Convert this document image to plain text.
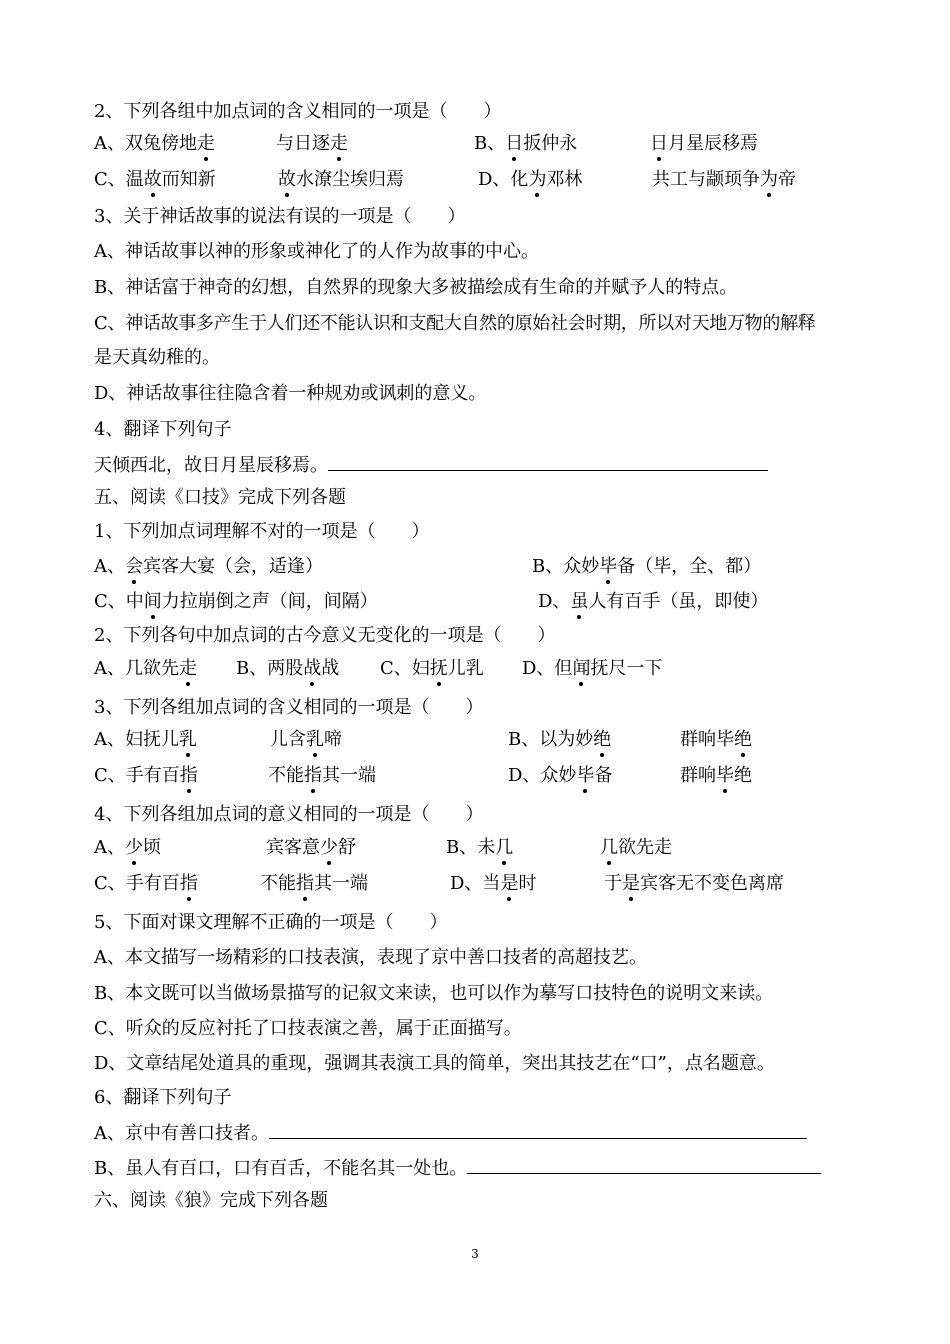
2、下列各组中加点词的含义相同的一项是（　　）
A、双兔傍地走	与日逐走	B、日扳仲永	日月星辰移焉
C、温故而知新	故水潦尘埃归焉	D、化为邓林	共工与颛顼争为帝
3、关于神话故事的说法有误的一项是（　　）
A、神话故事以神的形象或神化了的人作为故事的中心。
B、神话富于神奇的幻想，自然界的现象大多被描绘成有生命的并赋予人的特点。
C、神话故事多产生于人们还不能认识和支配大自然的原始社会时期，所以对天地万物的解释
是天真幼稚的。
D、神话故事往往隐含着一种规劝或讽刺的意义。
4、翻译下列句子
天倾西北，故日月星辰移焉。
五、阅读《口技》完成下列各题
1、下列加点词理解不对的一项是（　　）
A、会宾客大宴（会，适逢）	B、众妙毕备（毕，全、都）
C、中间力拉崩倒之声（间，间隔）	D、虽人有百手（虽，即使）
2、下列各句中加点词的古今意义无变化的一项是（　　）
A、几欲先走 B、两股战战 C、妇抚儿乳 D、但闻抚尺一下
3、下列各组加点词的含义相同的一项是（　　）
A、妇抚儿乳	儿含乳啼	B、以为妙绝	群响毕绝
C、手有百指	不能指其一端	D、众妙毕备	群响毕绝
4、下列各组加点词的意义相同的一项是（　　）
A、少顷	宾客意少舒	B、未几	几欲先走
C、手有百指	不能指其一端	D、当是时	于是宾客无不变色离席
5、下面对课文理解不正确的一项是（　　）
A、本文描写一场精彩的口技表演，表现了京中善口技者的高超技艺。
B、本文既可以当做场景描写的记叙文来读，也可以作为摹写口技特色的说明文来读。
C、听众的反应衬托了口技表演之善，属于正面描写。
D、文章结尾处道具的重现，强调其表演工具的简单，突出其技艺在“口”，点名题意。
6、翻译下列句子
A、京中有善口技者。
B、虽人有百口，口有百舌，不能名其一处也。
六、阅读《狼》完成下列各题
3
